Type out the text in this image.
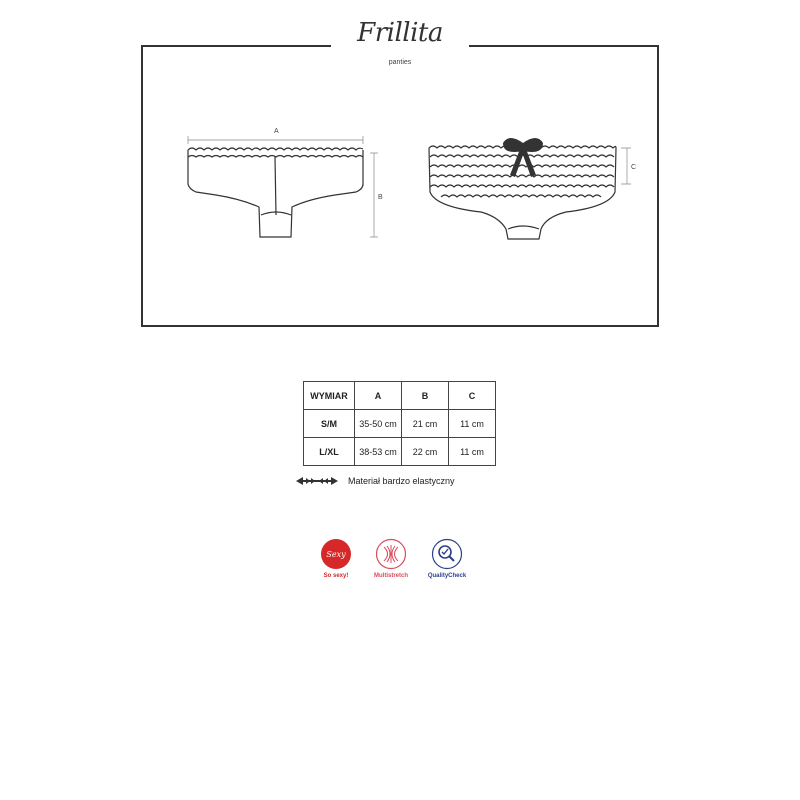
Frillita
panties
A
B
C
WYMIAR	A	B	C
S/M	35-50 cm	21 cm	11 cm
L/XL	38-53 cm	22 cm	11 cm
Materiał bardzo elastyczny
Sexy
So sexy!	Multistretch	QualityCheck
